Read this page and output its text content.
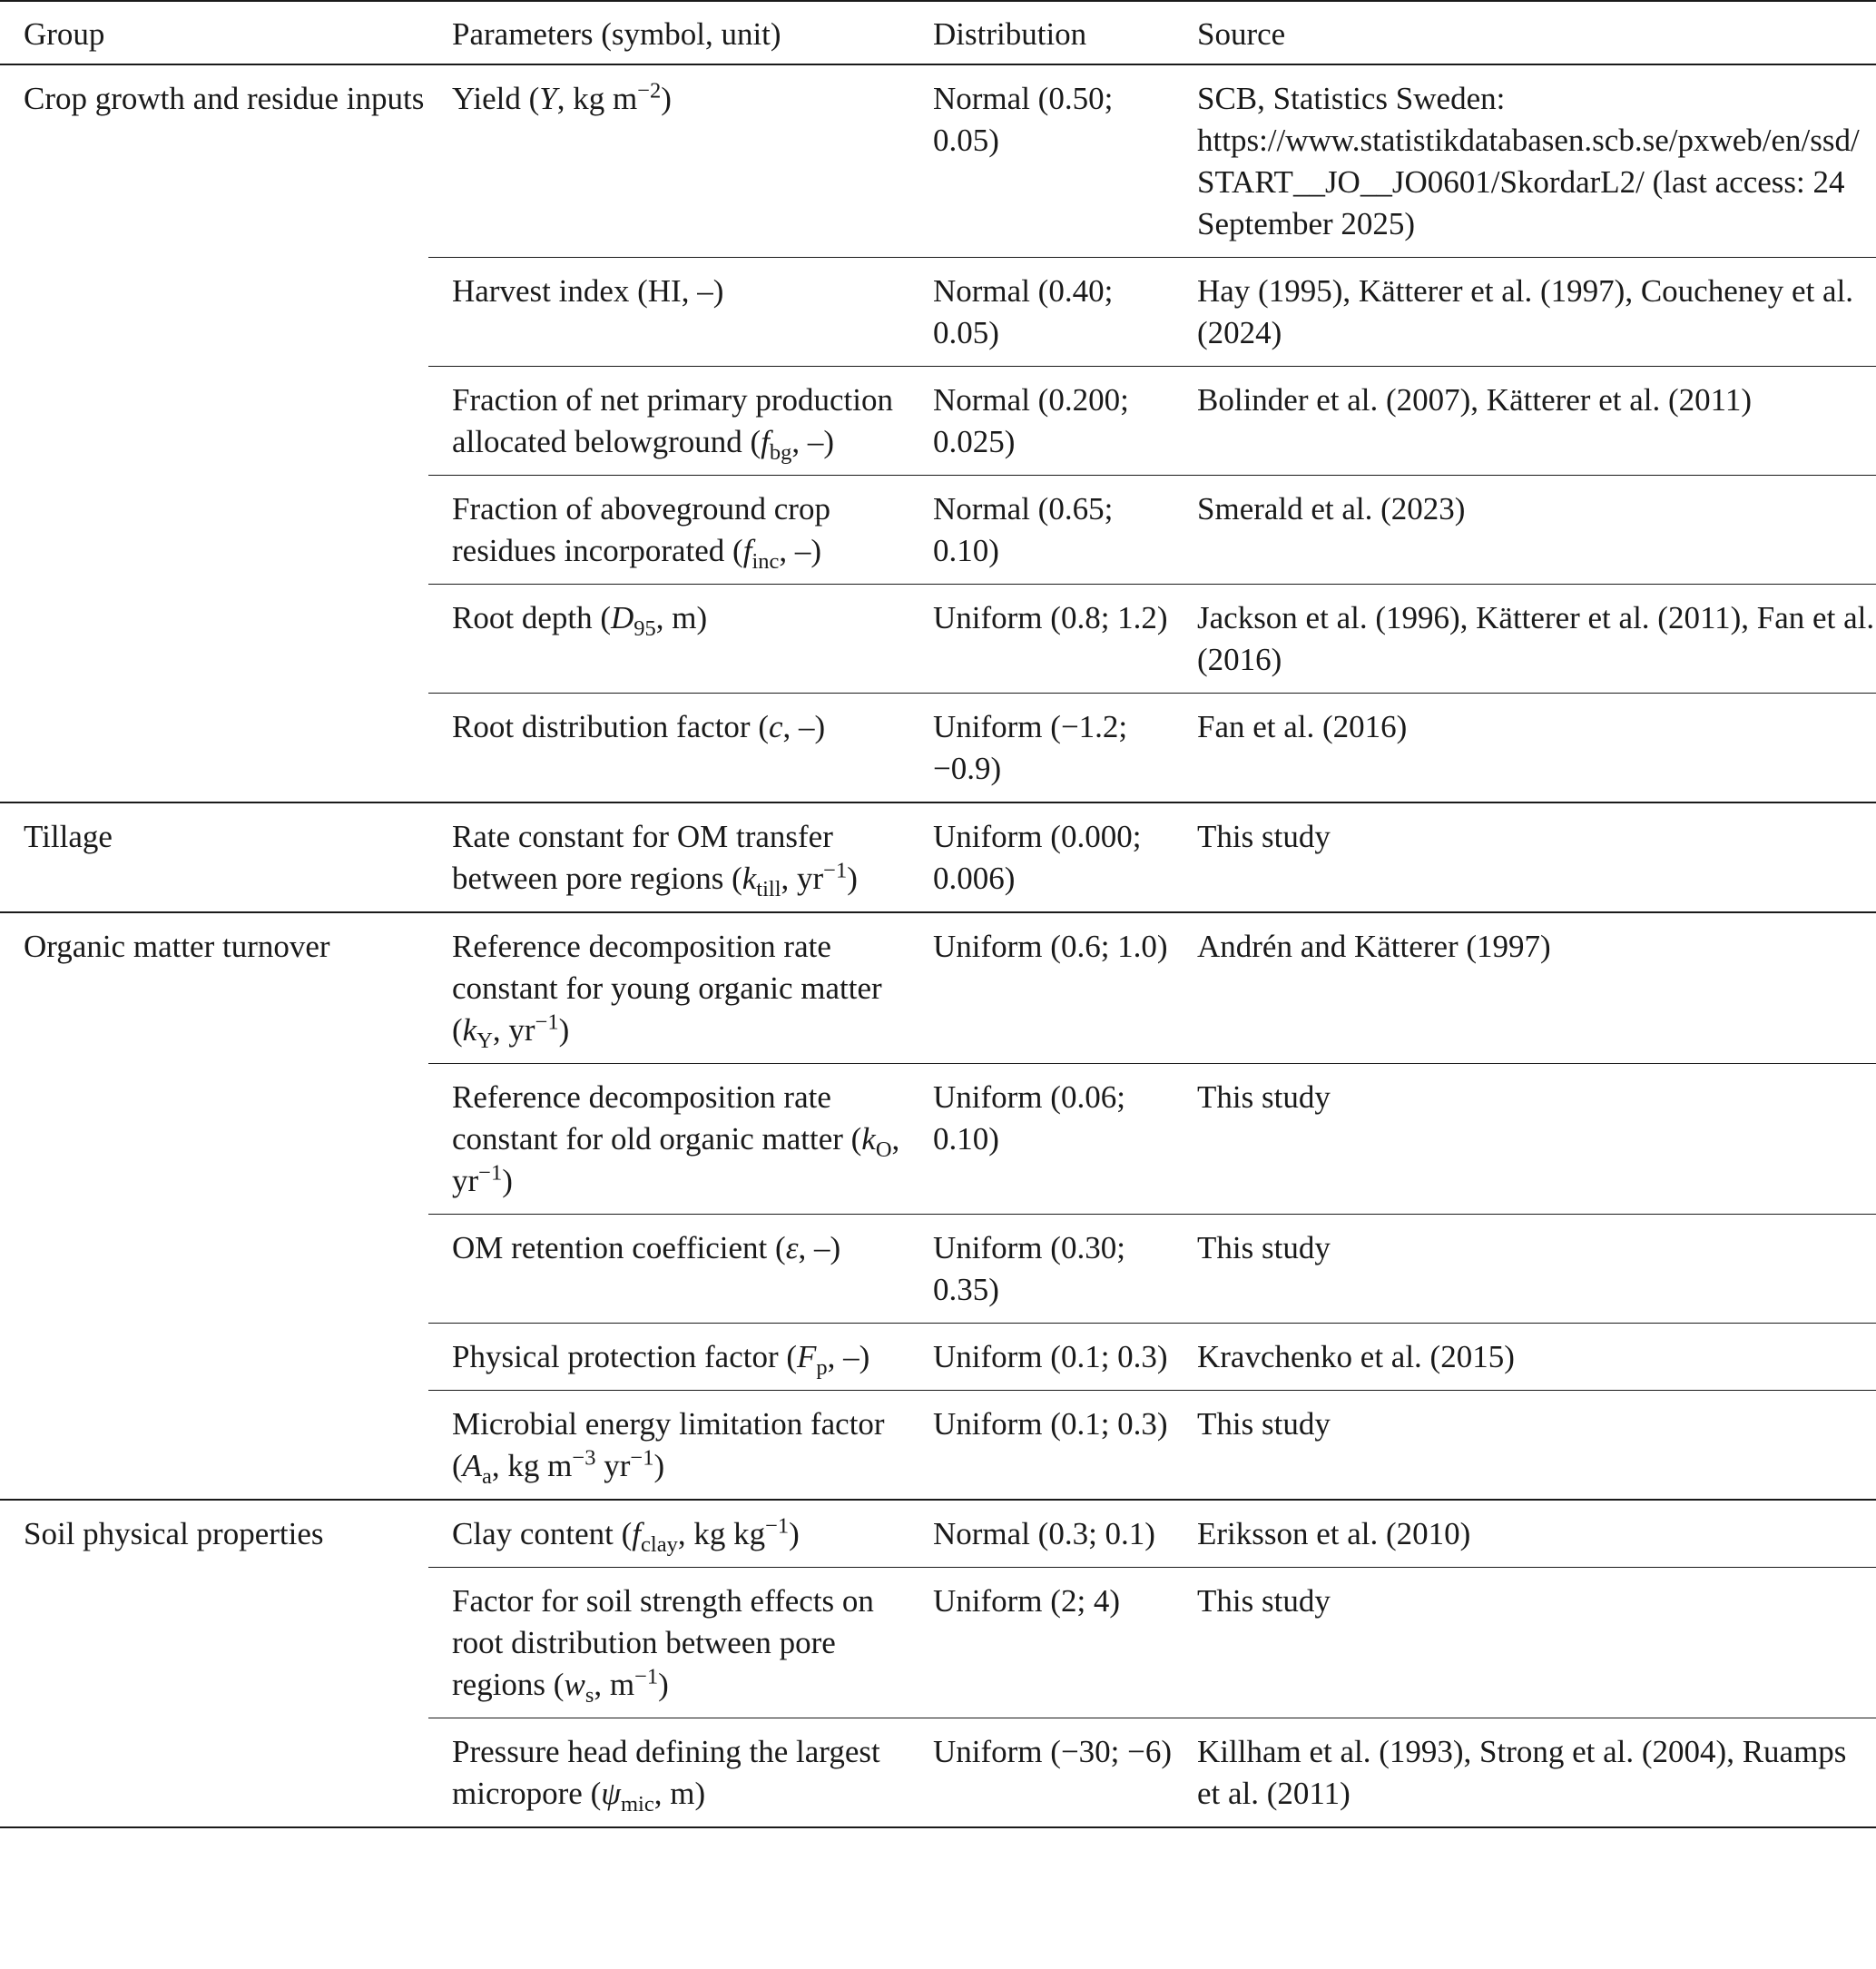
Group	Parameters (symbol, unit)	Distribution	Source
Crop growth and residue inputs	Yield (Y, kg $m^{-2}$)	Normal (0.50; 0.05)	SCB, Statistics Sweden: https://www.statistikdatabasen.scb.se/pxweb/en/ssd/START__JO__JO0601/SkordarL2/ (last access: 24 September 2025)
	Harvest index (HI, –)	Normal (0.40; 0.05)	Hay (1995), Kätterer et al. (1997), Coucheney et al. (2024)
	Fraction of net primary production allocated belowground ($f_{bg}$, –)	Normal (0.200; 0.025)	Bolinder et al. (2007), Kätterer et al. (2011)
	Fraction of aboveground crop residues incorporated ($f_{inc}$, –)	Normal (0.65; 0.10)	Smerald et al. (2023)
	Root depth ($D_{95}$, m)	Uniform (0.8; 1.2)	Jackson et al. (1996), Kätterer et al. (2011), Fan et al. (2016)
	Root distribution factor (c, –)	Uniform (−1.2; −0.9)	Fan et al. (2016)
Tillage	Rate constant for OM transfer between pore regions ($k_{till}$, $yr^{-1}$)	Uniform (0.000; 0.006)	This study
Organic matter turnover	Reference decomposition rate constant for young organic matter ($k_Y$, $yr^{-1}$)	Uniform (0.6; 1.0)	Andrén and Kätterer (1997)
	Reference decomposition rate constant for old organic matter ($k_O$, $yr^{-1}$)	Uniform (0.06; 0.10)	This study
	OM retention coefficient (ε, –)	Uniform (0.30; 0.35)	This study
	Physical protection factor ($F_p$, –)	Uniform (0.1; 0.3)	Kravchenko et al. (2015)
	Microbial energy limitation factor ($A_a$, kg $m^{-3}$ $yr^{-1}$)	Uniform (0.1; 0.3)	This study
Soil physical properties	Clay content ($f_{clay}$, kg $kg^{-1}$)	Normal (0.3; 0.1)	Eriksson et al. (2010)
	Factor for soil strength effects on root distribution between pore regions ($w_s$, $m^{-1}$)	Uniform (2; 4)	This study
	Pressure head defining the largest micropore ($\psi_{mic}$, m)	Uniform (−30; −6)	Killham et al. (1993), Strong et al. (2004), Ruamps et al. (2011)
